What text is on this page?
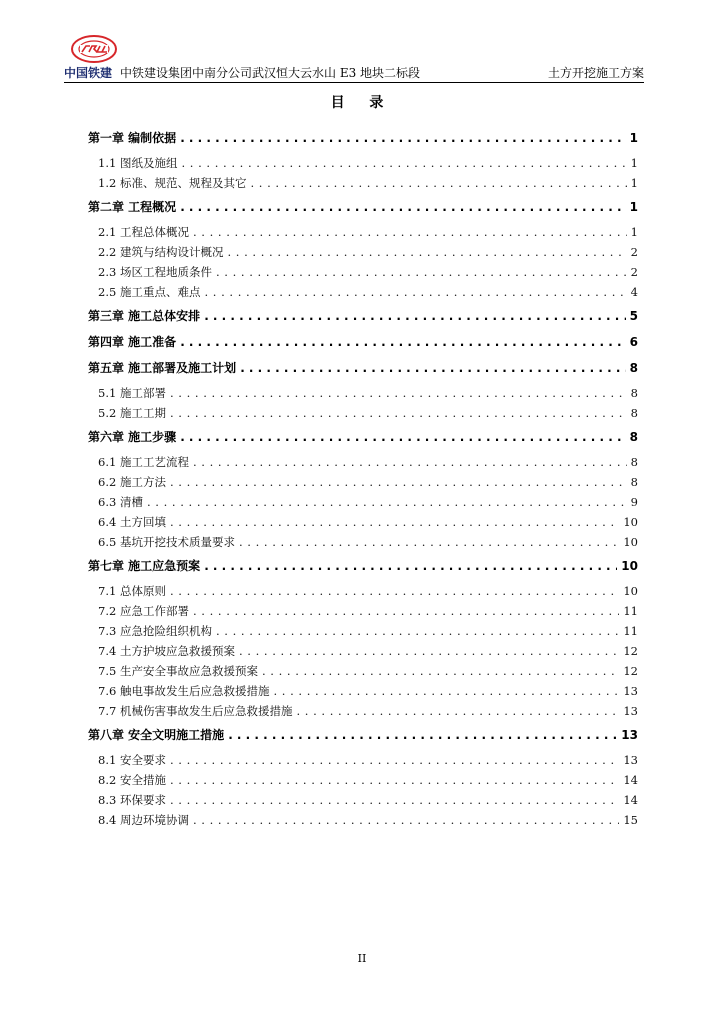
中国铁建 中铁建设集团中南分公司武汉恒大云水山 E3 地块二标段	土方开挖施工方案
目 录
第一章 编制依据 . . .	1
1.1 图纸及施组 . . .	1
1.2 标准、规范、规程及其它 . . .	1
第二章 工程概况 . . .	1
2.1 工程总体概况 . . .	1
2.2 建筑与结构设计概况 . . .	2
2.3 场区工程地质条件 . . .	2
2.5 施工重点、难点 . . .	4
第三章 施工总体安排 . . .	5
第四章 施工准备 . . .	6
第五章 施工部署及施工计划 . . .	8
5.1 施工部署 . . .	8
5.2 施工工期 . . .	8
第六章 施工步骤 . . .	8
6.1 施工工艺流程 . . .	8
6.2 施工方法 . . .	8
6.3 清槽 . . .	9
6.4 土方回填 . . .	10
6.5 基坑开挖技术质量要求 . . .	10
第七章 施工应急预案 . . .	10
7.1 总体原则 . . .	10
7.2 应急工作部署 . . .	11
7.3 应急抢险组织机构 . . .	11
7.4 土方护坡应急救援预案 . . .	12
7.5 生产安全事故应急救援预案 . . .	12
7.6 触电事故发生后应急救援措施 . . .	13
7.7 机械伤害事故发生后应急救援措施 . . .	13
第八章 安全文明施工措施 . . .	13
8.1 安全要求 . . .	13
8.2 安全措施 . . .	14
8.3 环保要求 . . .	14
8.4 周边环境协调 . . .	15
II
